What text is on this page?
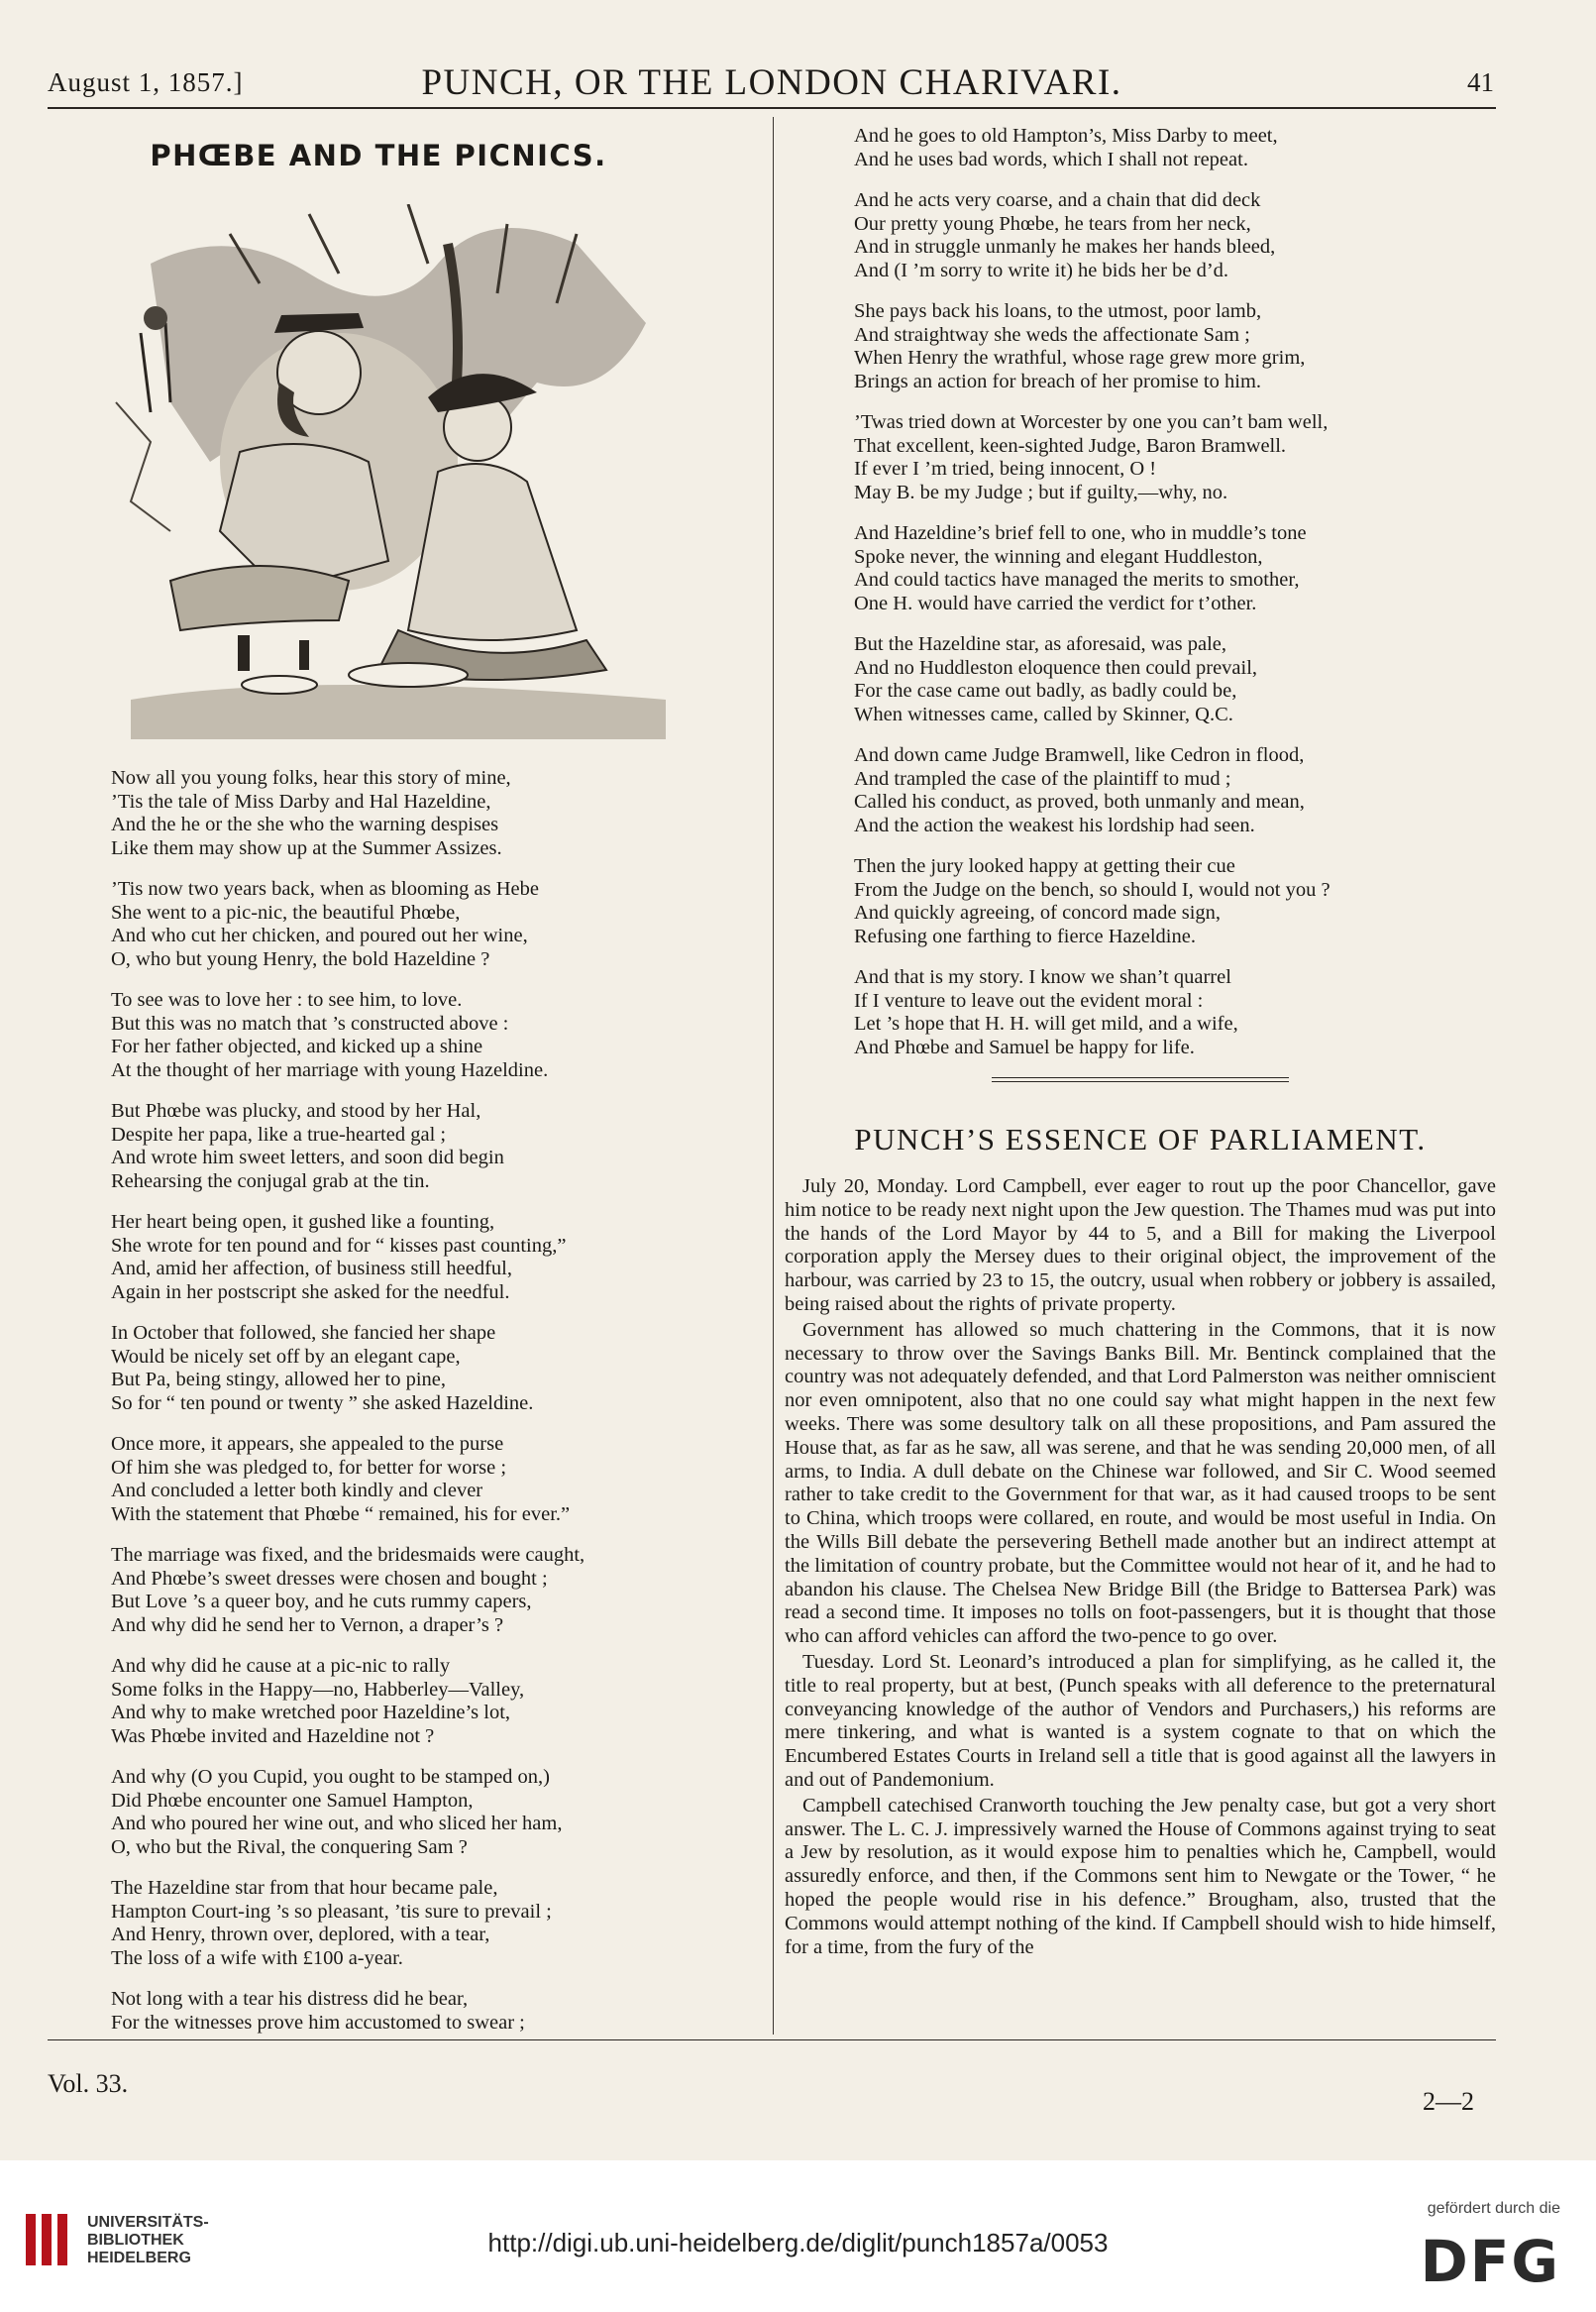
August 1, 1857.]	PUNCH, OR THE LONDON CHARIVARI.	41
PHŒBE AND THE PICNICS.
Now all you young folks, hear this story of mine,
’Tis the tale of Miss Darby and Hal Hazeldine,
And the he or the she who the warning despises
Like them may show up at the Summer Assizes.
’Tis now two years back, when as blooming as Hebe
She went to a pic-nic, the beautiful Phœbe,
And who cut her chicken, and poured out her wine,
O, who but young Henry, the bold Hazeldine ?
To see was to love her : to see him, to love.
But this was no match that ’s constructed above :
For her father objected, and kicked up a shine
At the thought of her marriage with young Hazeldine.
But Phœbe was plucky, and stood by her Hal,
Despite her papa, like a true-hearted gal ;
And wrote him sweet letters, and soon did begin
Rehearsing the conjugal grab at the tin.
Her heart being open, it gushed like a founting,
She wrote for ten pound and for “ kisses past counting,”
And, amid her affection, of business still heedful,
Again in her postscript she asked for the needful.
In October that followed, she fancied her shape
Would be nicely set off by an elegant cape,
But Pa, being stingy, allowed her to pine,
So for “ ten pound or twenty ” she asked Hazeldine.
Once more, it appears, she appealed to the purse
Of him she was pledged to, for better for worse ;
And concluded a letter both kindly and clever
With the statement that Phœbe “ remained, his for ever.”
The marriage was fixed, and the bridesmaids were caught,
And Phœbe’s sweet dresses were chosen and bought ;
But Love ’s a queer boy, and he cuts rummy capers,
And why did he send her to Vernon, a draper’s ?
And why did he cause at a pic-nic to rally
Some folks in the Happy—no, Habberley—Valley,
And why to make wretched poor Hazeldine’s lot,
Was Phœbe invited and Hazeldine not ?
And why (O you Cupid, you ought to be stamped on,)
Did Phœbe encounter one Samuel Hampton,
And who poured her wine out, and who sliced her ham,
O, who but the Rival, the conquering Sam ?
The Hazeldine star from that hour became pale,
Hampton Court-ing ’s so pleasant, ’tis sure to prevail ;
And Henry, thrown over, deplored, with a tear,
The loss of a wife with £100 a-year.
Not long with a tear his distress did he bear,
For the witnesses prove him accustomed to swear ;
And he goes to old Hampton’s, Miss Darby to meet,
And he uses bad words, which I shall not repeat.
And he acts very coarse, and a chain that did deck
Our pretty young Phœbe, he tears from her neck,
And in struggle unmanly he makes her hands bleed,
And (I ’m sorry to write it) he bids her be d’d.
She pays back his loans, to the utmost, poor lamb,
And straightway she weds the affectionate Sam ;
When Henry the wrathful, whose rage grew more grim,
Brings an action for breach of her promise to him.
’Twas tried down at Worcester by one you can’t bam well,
That excellent, keen-sighted Judge, Baron Bramwell.
If ever I ’m tried, being innocent, O !
May B. be my Judge ; but if guilty,—why, no.
And Hazeldine’s brief fell to one, who in muddle’s tone
Spoke never, the winning and elegant Huddleston,
And could tactics have managed the merits to smother,
One H. would have carried the verdict for t’other.
But the Hazeldine star, as aforesaid, was pale,
And no Huddleston eloquence then could prevail,
For the case came out badly, as badly could be,
When witnesses came, called by Skinner, Q.C.
And down came Judge Bramwell, like Cedron in flood,
And trampled the case of the plaintiff to mud ;
Called his conduct, as proved, both unmanly and mean,
And the action the weakest his lordship had seen.
Then the jury looked happy at getting their cue
From the Judge on the bench, so should I, would not you ?
And quickly agreeing, of concord made sign,
Refusing one farthing to fierce Hazeldine.
And that is my story. I know we shan’t quarrel
If I venture to leave out the evident moral :
Let ’s hope that H. H. will get mild, and a wife,
And Phœbe and Samuel be happy for life.
PUNCH’S ESSENCE OF PARLIAMENT.

July 20, Monday. Lord Campbell, ever eager to rout up the poor Chancellor, gave him notice to be ready next night upon the Jew question. The Thames mud was put into the hands of the Lord Mayor by 44 to 5, and a Bill for making the Liverpool corporation apply the Mersey dues to their original object, the improvement of the harbour, was carried by 23 to 15, the outcry, usual when robbery or jobbery is assailed, being raised about the rights of private property.

Government has allowed so much chattering in the Commons, that it is now necessary to throw over the Savings Banks Bill. Mr. Bentinck complained that the country was not adequately defended, and that Lord Palmerston was neither omniscient nor even omnipotent, also that no one could say what might happen in the next few weeks. There was some desultory talk on all these propositions, and Pam assured the House that, as far as he saw, all was serene, and that he was sending 20,000 men, of all arms, to India. A dull debate on the Chinese war followed, and Sir C. Wood seemed rather to take credit to the Government for that war, as it had caused troops to be sent to China, which troops were collared, en route, and would be most useful in India. On the Wills Bill debate the persevering Bethell made another but an indirect attempt at the limitation of country probate, but the Committee would not hear of it, and he had to abandon his clause. The Chelsea New Bridge Bill (the Bridge to Battersea Park) was read a second time. It imposes no tolls on foot-passengers, but it is thought that those who can afford vehicles can afford the two-pence to go over.

Tuesday. Lord St. Leonard’s introduced a plan for simplifying, as he called it, the title to real property, but at best, (Punch speaks with all deference to the preternatural conveyancing knowledge of the author of Vendors and Purchasers,) his reforms are mere tinkering, and what is wanted is a system cognate to that on which the Encumbered Estates Courts in Ireland sell a title that is good against all the lawyers in and out of Pandemonium.

Campbell catechised Cranworth touching the Jew penalty case, but got a very short answer. The L. C. J. impressively warned the House of Commons against trying to seat a Jew by resolution, as it would expose him to penalties which he, Campbell, would assuredly enforce, and then, if the Commons sent him to Newgate or the Tower, “ he hoped the people would rise in his defence.” Brougham, also, trusted that the Commons would attempt nothing of the kind. If Campbell should wish to hide himself, for a time, from the fury of the

Vol. 33.
2—2
UNIVERSITÄTS-
BIBLIOTHEK
HEIDELBERG
http://digi.ub.uni-heidelberg.de/diglit/punch1857a/0053
gefördert durch die
DFG
